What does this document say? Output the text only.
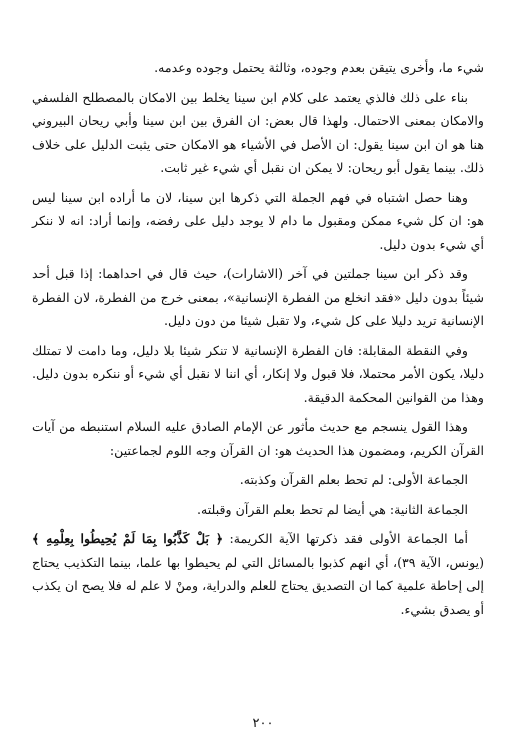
شيء ما، وأخرى يتيقن بعدم وجوده، وثالثة يحتمل وجوده وعدمه.

بناء على ذلك فالذي يعتمد على كلام ابن سينا يخلط بين الامكان بالمصطلح الفلسفي والامكان بمعنى الاحتمال. ولهذا قال بعض: ان الفرق بين ابن سينا وأبي ريحان البيروني هنا هو ان ابن سينا يقول: ان الأصل في الأشياء هو الامكان حتى يثبت الدليل على خلاف ذلك. بينما يقول أبو ريحان: لا يمكن ان نقبل أي شيء غير ثابت.

وهنا حصل اشتباه في فهم الجملة التي ذكرها ابن سينا، لان ما أراده ابن سينا ليس هو: ان كل شيء ممكن ومقبول ما دام لا يوجد دليل على رفضه، وإنما أراد: انه لا ننكر أي شيء بدون دليل.

وقد ذكر ابن سينا جملتين في آخر (الاشارات)، حيث قال في احداهما: إذا قبل أحد شيئاً بدون دليل «فقد انخلع من الفطرة الإنسانية»، بمعنى خرج من الفطرة، لان الفطرة الإنسانية تريد دليلا على كل شيء، ولا تقبل شيئا من دون دليل.

وفي النقطة المقابلة: فان الفطرة الإنسانية لا تنكر شيئا بلا دليل، وما دامت لا تمتلك دليلا، يكون الأمر محتملا، فلا قبول ولا إنكار، أي اننا لا نقبل أي شيء أو ننكره بدون دليل. وهذا من القوانين المحكمة الدقيقة.

وهذا القول ينسجم مع حديث مأثور عن الإمام الصادق عليه السلام استنبطه من آيات القرآن الكريم، ومضمون هذا الحديث هو: ان القرآن وجه اللوم لجماعتين:

الجماعة الأولى: لم تحط بعلم القرآن وكذبته.

الجماعة الثانية: هي أيضا لم تحط بعلم القرآن وقبلته.

أما الجماعة الأولى فقد ذكرتها الآية الكريمة: ﴿ بَلْ كَذَّبُوا بِمَا لَمْ يُحِيطُوا بِعِلْمِهِ ﴾ (يونس، الآية ٣٩)، أي انهم كذبوا بالمسائل التي لم يحيطوا بها علما، بينما التكذيب يحتاج إلى إحاطة علمية كما ان التصديق يحتاج للعلم والدراية، ومنْ لا علم له فلا يصح ان يكذب أو يصدق بشيء.

٢٠٠
